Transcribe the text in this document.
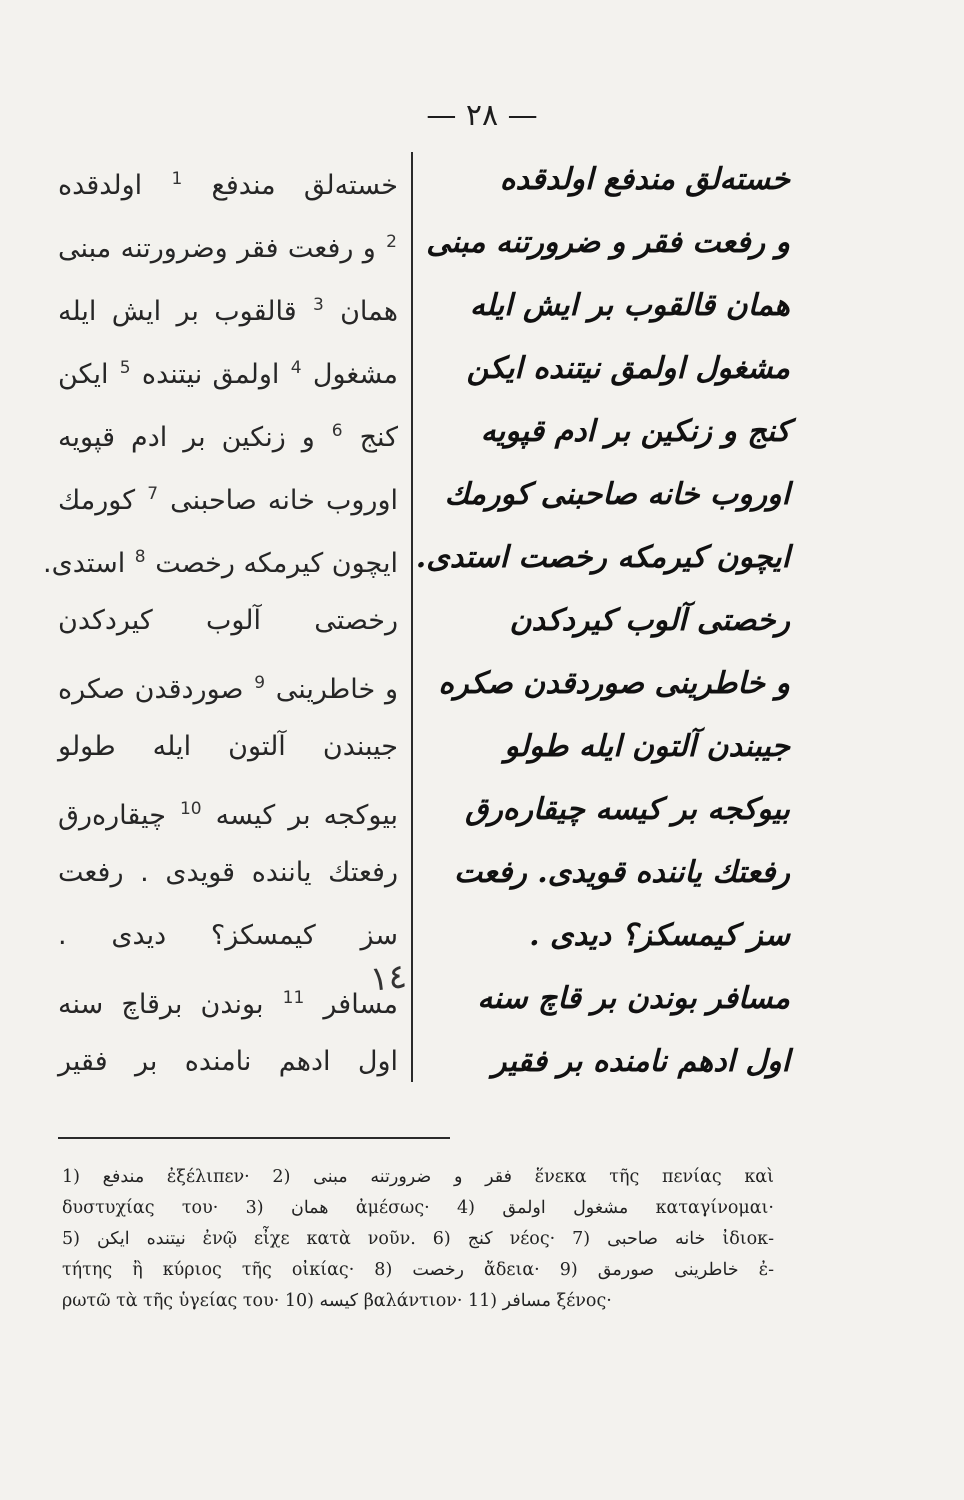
— ٢٨ —
خستەلق مندفع $^1$ اولدقدە
$^2$ و رفعت فقر وضرورتنە مبنى
همان $^3$ قالقوب بر ايش ايلە
مشغول $^4$ اولمق نيتندە $^5$ ايكن
كنج $^6$ و زنكين بر ادم قپويە
اوروب خانە صاحبنى $^7$ كورمك
ايچون كيرمكە رخصت $^8$ استدى.
رخصتى آلوب كيردكدن
و خاطرينى $^9$ صوردقدن صكرە
جيبندن آلتون ايلە طولو
بيوكجە بر كيسە $^{10}$ چيقارەرق
رفعتك يانندە قويدى . رفعت
سز كيمسكز؟ ديدى .
مسافر $^{11}$ بوندن برقاچ سنە
اول ادهم نامندە بر فقير
خستەلق مندفع اولدقدە
و رفعت فقر و ضرورتنە مبنى
همان قالقوب بر ايش ايلە
مشغول اولمق نيتندە ايكن
كنج و زنكين بر ادم قپويە
اوروب خانە صاحبنى كورمك
ايچون كيرمكە رخصت استدى.
رخصتى آلوب كيردكدن
و خاطرينى صوردقدن صكرە
جيبندن آلتون ايلە طولو
بيوكجە بر كيسە چيقارەرق
رفعتك يانندە قويدى. رفعت
سز كيمسكز؟ ديدى .
مسافر بوندن بر قاچ سنە
اول ادهم نامندە بر فقير
١٤
1) مندفع ἐξέλιπεν· 2) فقر و ضرورتنە مبنى ἕνεκα τῆς πενίας καὶ
δυστυχίας του· 3) همان ἀμέσως· 4) مشغول اولمق καταγίνομαι·
5) نيتندە ايكن ἐνῷ εἶχε κατὰ νοῦν. 6) كنج νέος· 7) خانە صاحبى ἰδιοκ-
τήτης ἢ κύριος τῆς οἰκίας· 8) رخصت ἄδεια· 9) خاطرينى صورمق ἐ-
ρωτῶ τὰ τῆς ὑγείας του· 10) كيسە βαλάντιον· 11) مسافر ξένος·
